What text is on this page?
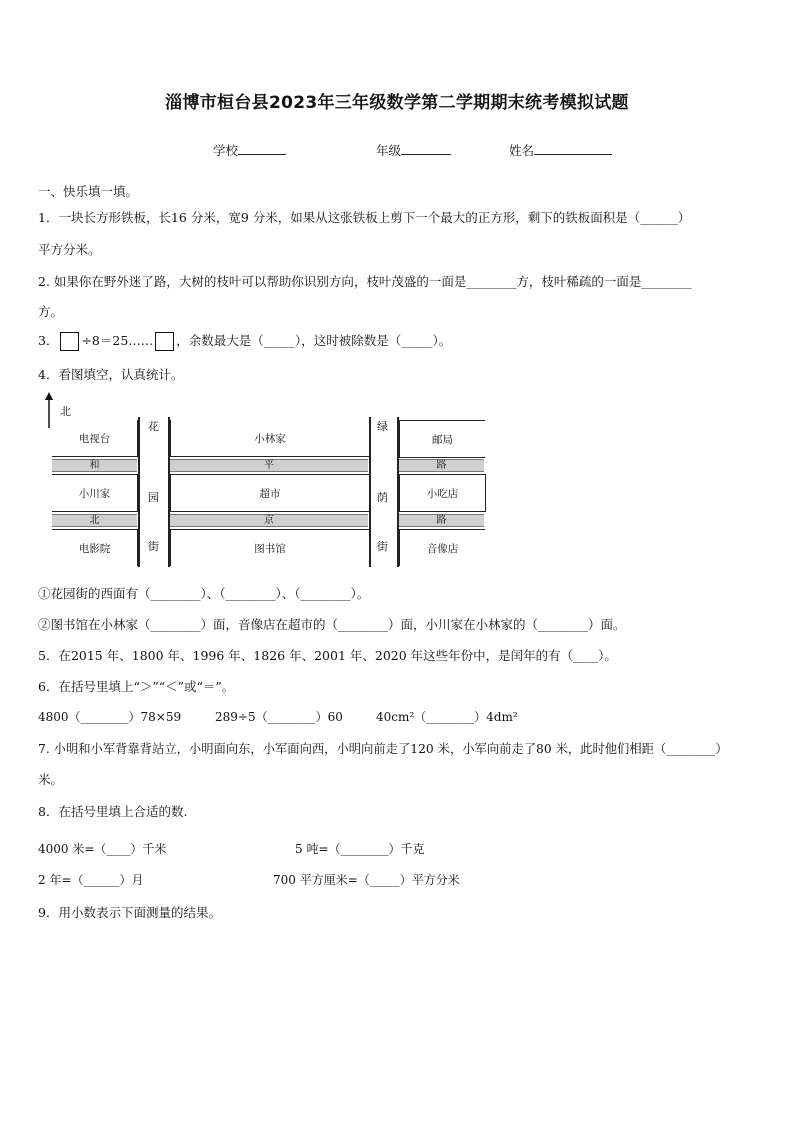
淄博市桓台县2023年三年级数学第二学期期末统考模拟试题
学校	年级	姓名
一、快乐填一填。
1．一块长方形铁板，长16 分米，宽9 分米，如果从这张铁板上剪下一个最大的正方形，剩下的铁板面积是（______）
平方分米。
2. 如果你在野外迷了路，大树的枝叶可以帮助你识别方向，枝叶茂盛的一面是________方，枝叶稀疏的一面是________
方。
3． ÷8＝25…… ，余数最大是（_____），这时被除数是（_____）。
4．看图填空，认真统计。
北
花
园
街
绿
荫
街
电视台	小林家	邮局
和	平	路
小川家	超市	小吃店
北	京	路
电影院	图书馆	音像店
①花园街的西面有（________）、（________）、（________）。
②图书馆在小林家（________）面，音像店在超市的（________）面，小川家在小林家的（________）面。
5．在2015 年、1800 年、1996 年、1826 年、2001 年、2020 年这些年份中，是闰年的有（____）。
6．在括号里填上“＞”“＜”或“＝”。
4800（________）78×59	289÷5（________）60	40cm²（________）4dm²
7. 小明和小军背靠背站立，小明面向东，小军面向西，小明向前走了120 米，小军向前走了80 米，此时他们相距（________）
米。
8．在括号里填上合适的数.
4000 米=（____）千米	5 吨=（________）千克
2 年=（______）月	700 平方厘米=（_____）平方分米
9．用小数表示下面测量的结果。
